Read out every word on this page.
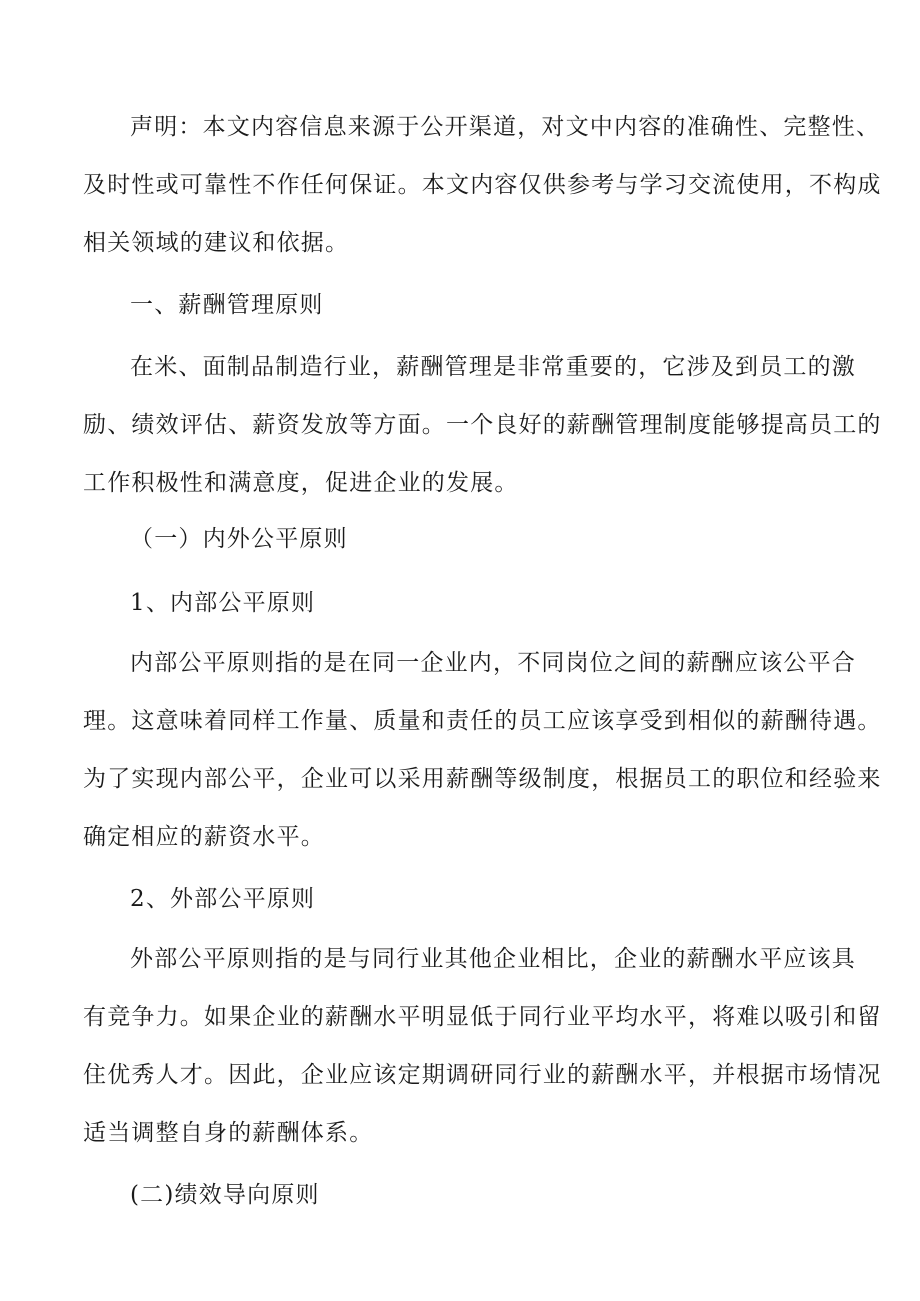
声明：本文内容信息来源于公开渠道，对文中内容的准确性、完整性、
及时性或可靠性不作任何保证。本文内容仅供参考与学习交流使用，不构成
相关领域的建议和依据。
一、薪酬管理原则
在米、面制品制造行业，薪酬管理是非常重要的，它涉及到员工的激
励、绩效评估、薪资发放等方面。一个良好的薪酬管理制度能够提高员工的
工作积极性和满意度，促进企业的发展。
（一）内外公平原则
1、内部公平原则
内部公平原则指的是在同一企业内，不同岗位之间的薪酬应该公平合
理。这意味着同样工作量、质量和责任的员工应该享受到相似的薪酬待遇。
为了实现内部公平，企业可以采用薪酬等级制度，根据员工的职位和经验来
确定相应的薪资水平。
2、外部公平原则
外部公平原则指的是与同行业其他企业相比，企业的薪酬水平应该具
有竞争力。如果企业的薪酬水平明显低于同行业平均水平，将难以吸引和留
住优秀人才。因此，企业应该定期调研同行业的薪酬水平，并根据市场情况
适当调整自身的薪酬体系。
(二)绩效导向原则
